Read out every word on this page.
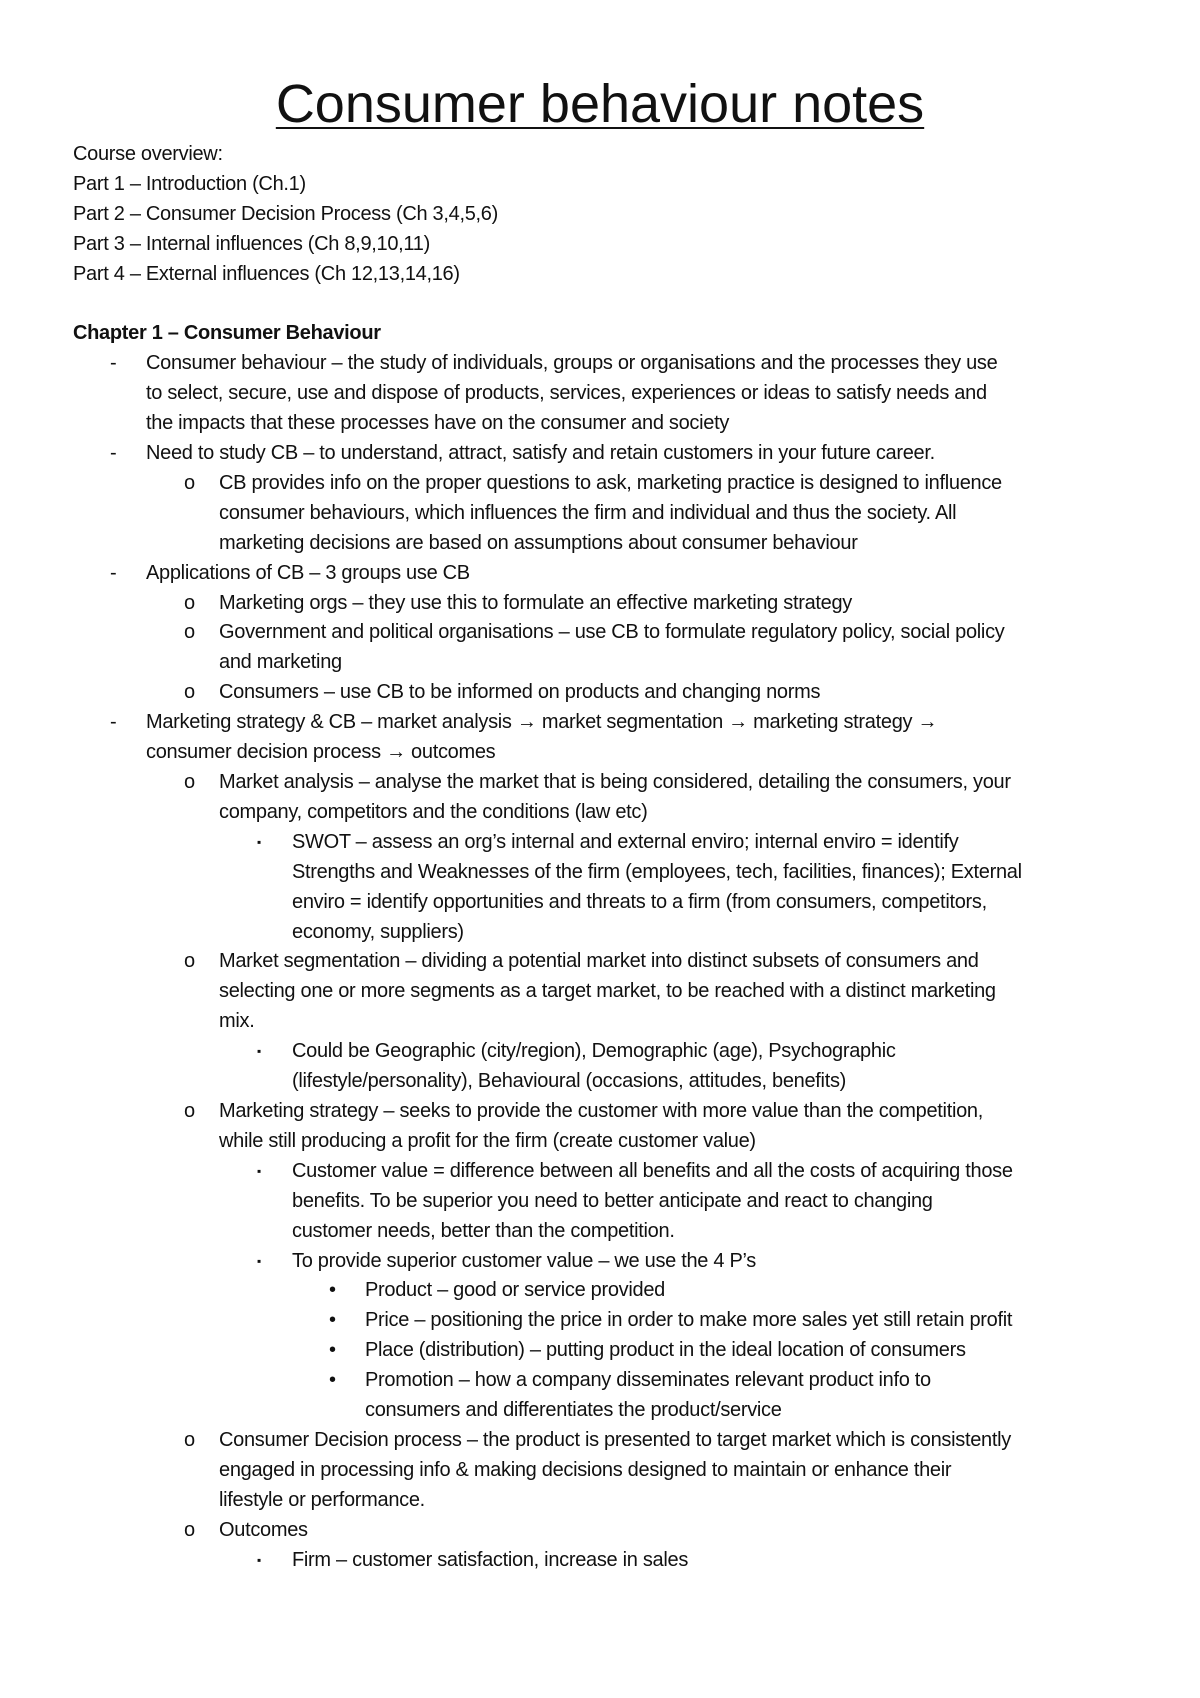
Consumer behaviour notes
Course overview:
Part 1 – Introduction (Ch.1)
Part 2 – Consumer Decision Process (Ch 3,4,5,6)
Part 3 – Internal influences (Ch 8,9,10,11)
Part 4 – External influences (Ch 12,13,14,16)
Chapter 1 – Consumer Behaviour
- Consumer behaviour – the study of individuals, groups or organisations and the processes they use
to select, secure, use and dispose of products, services, experiences or ideas to satisfy needs and
the impacts that these processes have on the consumer and society
- Need to study CB – to understand, attract, satisfy and retain customers in your future career.
o CB provides info on the proper questions to ask, marketing practice is designed to influence
consumer behaviours, which influences the firm and individual and thus the society. All
marketing decisions are based on assumptions about consumer behaviour
- Applications of CB – 3 groups use CB
o Marketing orgs – they use this to formulate an effective marketing strategy
o Government and political organisations – use CB to formulate regulatory policy, social policy
and marketing
o Consumers – use CB to be informed on products and changing norms
- Marketing strategy & CB – market analysis → market segmentation → marketing strategy →
consumer decision process → outcomes
o Market analysis – analyse the market that is being considered, detailing the consumers, your
company, competitors and the conditions (law etc)
▪ SWOT – assess an org’s internal and external enviro; internal enviro = identify
Strengths and Weaknesses of the firm (employees, tech, facilities, finances); External
enviro = identify opportunities and threats to a firm (from consumers, competitors,
economy, suppliers)
o Market segmentation – dividing a potential market into distinct subsets of consumers and
selecting one or more segments as a target market, to be reached with a distinct marketing
mix.
▪ Could be Geographic (city/region), Demographic (age), Psychographic
(lifestyle/personality), Behavioural (occasions, attitudes, benefits)
o Marketing strategy – seeks to provide the customer with more value than the competition,
while still producing a profit for the firm (create customer value)
▪ Customer value = difference between all benefits and all the costs of acquiring those
benefits. To be superior you need to better anticipate and react to changing
customer needs, better than the competition.
▪ To provide superior customer value – we use the 4 P’s
• Product – good or service provided
• Price – positioning the price in order to make more sales yet still retain profit
• Place (distribution) – putting product in the ideal location of consumers
• Promotion – how a company disseminates relevant product info to
consumers and differentiates the product/service
o Consumer Decision process – the product is presented to target market which is consistently
engaged in processing info & making decisions designed to maintain or enhance their
lifestyle or performance.
o Outcomes
▪ Firm – customer satisfaction, increase in sales
